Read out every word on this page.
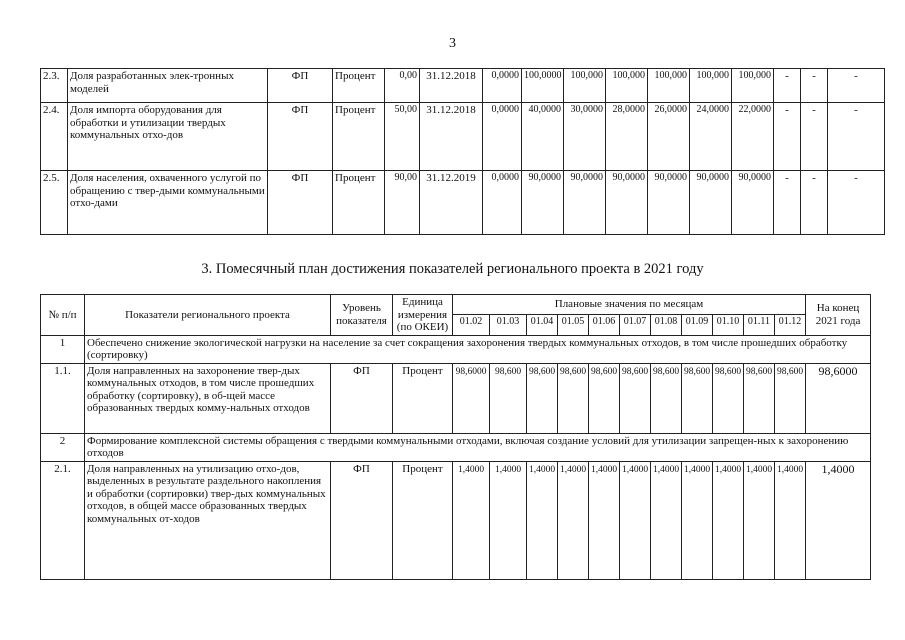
3
2.3.	Доля разработанных элек-тронных моделей	ФП	Процент	0,00	31.12.2018	0,0000	100,0000	100,000	100,000	100,000	100,000	100,000	-	-	-
2.4.	Доля импорта оборудования для обработки и утилизации твердых коммунальных отхо-дов	ФП	Процент	50,00	31.12.2018	0,0000	40,0000	30,0000	28,0000	26,0000	24,0000	22,0000	-	-	-
2.5.	Доля населения, охваченного услугой по обращению с твер-дыми коммунальными отхо-дами	ФП	Процент	90,00	31.12.2019	0,0000	90,0000	90,0000	90,0000	90,0000	90,0000	90,0000	-	-	-
3. Помесячный план достижения показателей регионального проекта в 2021 году
№ п/п	Показатели регионального проекта	Уровень показателя	Единица измерения (по ОКЕИ)	Плановые значения по месяцам											На конец 2021 года
				01.02	01.03	01.04	01.05	01.06	01.07	01.08	01.09	01.10	01.11	01.12	
1	Обеспечено снижение экологической нагрузки на население за счет сокращения захоронения твердых коммунальных отходов, в том числе прошедших обработку (сортировку)														
1.1.	Доля направленных на захоронение твер-дых коммунальных отходов, в том числе прошедших обработку (сортировку), в об-щей массе образованных твердых комму-нальных отходов	ФП	Процент	98,6000	98,600	98,600	98,600	98,600	98,600	98,600	98,600	98,600	98,600	98,600	98,6000
2	Формирование комплексной системы обращения с твердыми коммунальными отходами, включая создание условий для утилизации запрещен-ных к захоронению отходов														
2.1.	Доля направленных на утилизацию отхо-дов, выделенных в результате раздельного накопления и обработки (сортировки) твер-дых коммунальных отходов, в общей массе образованных твердых коммунальных от-ходов	ФП	Процент	1,4000	1,4000	1,4000	1,4000	1,4000	1,4000	1,4000	1,4000	1,4000	1,4000	1,4000	1,4000
